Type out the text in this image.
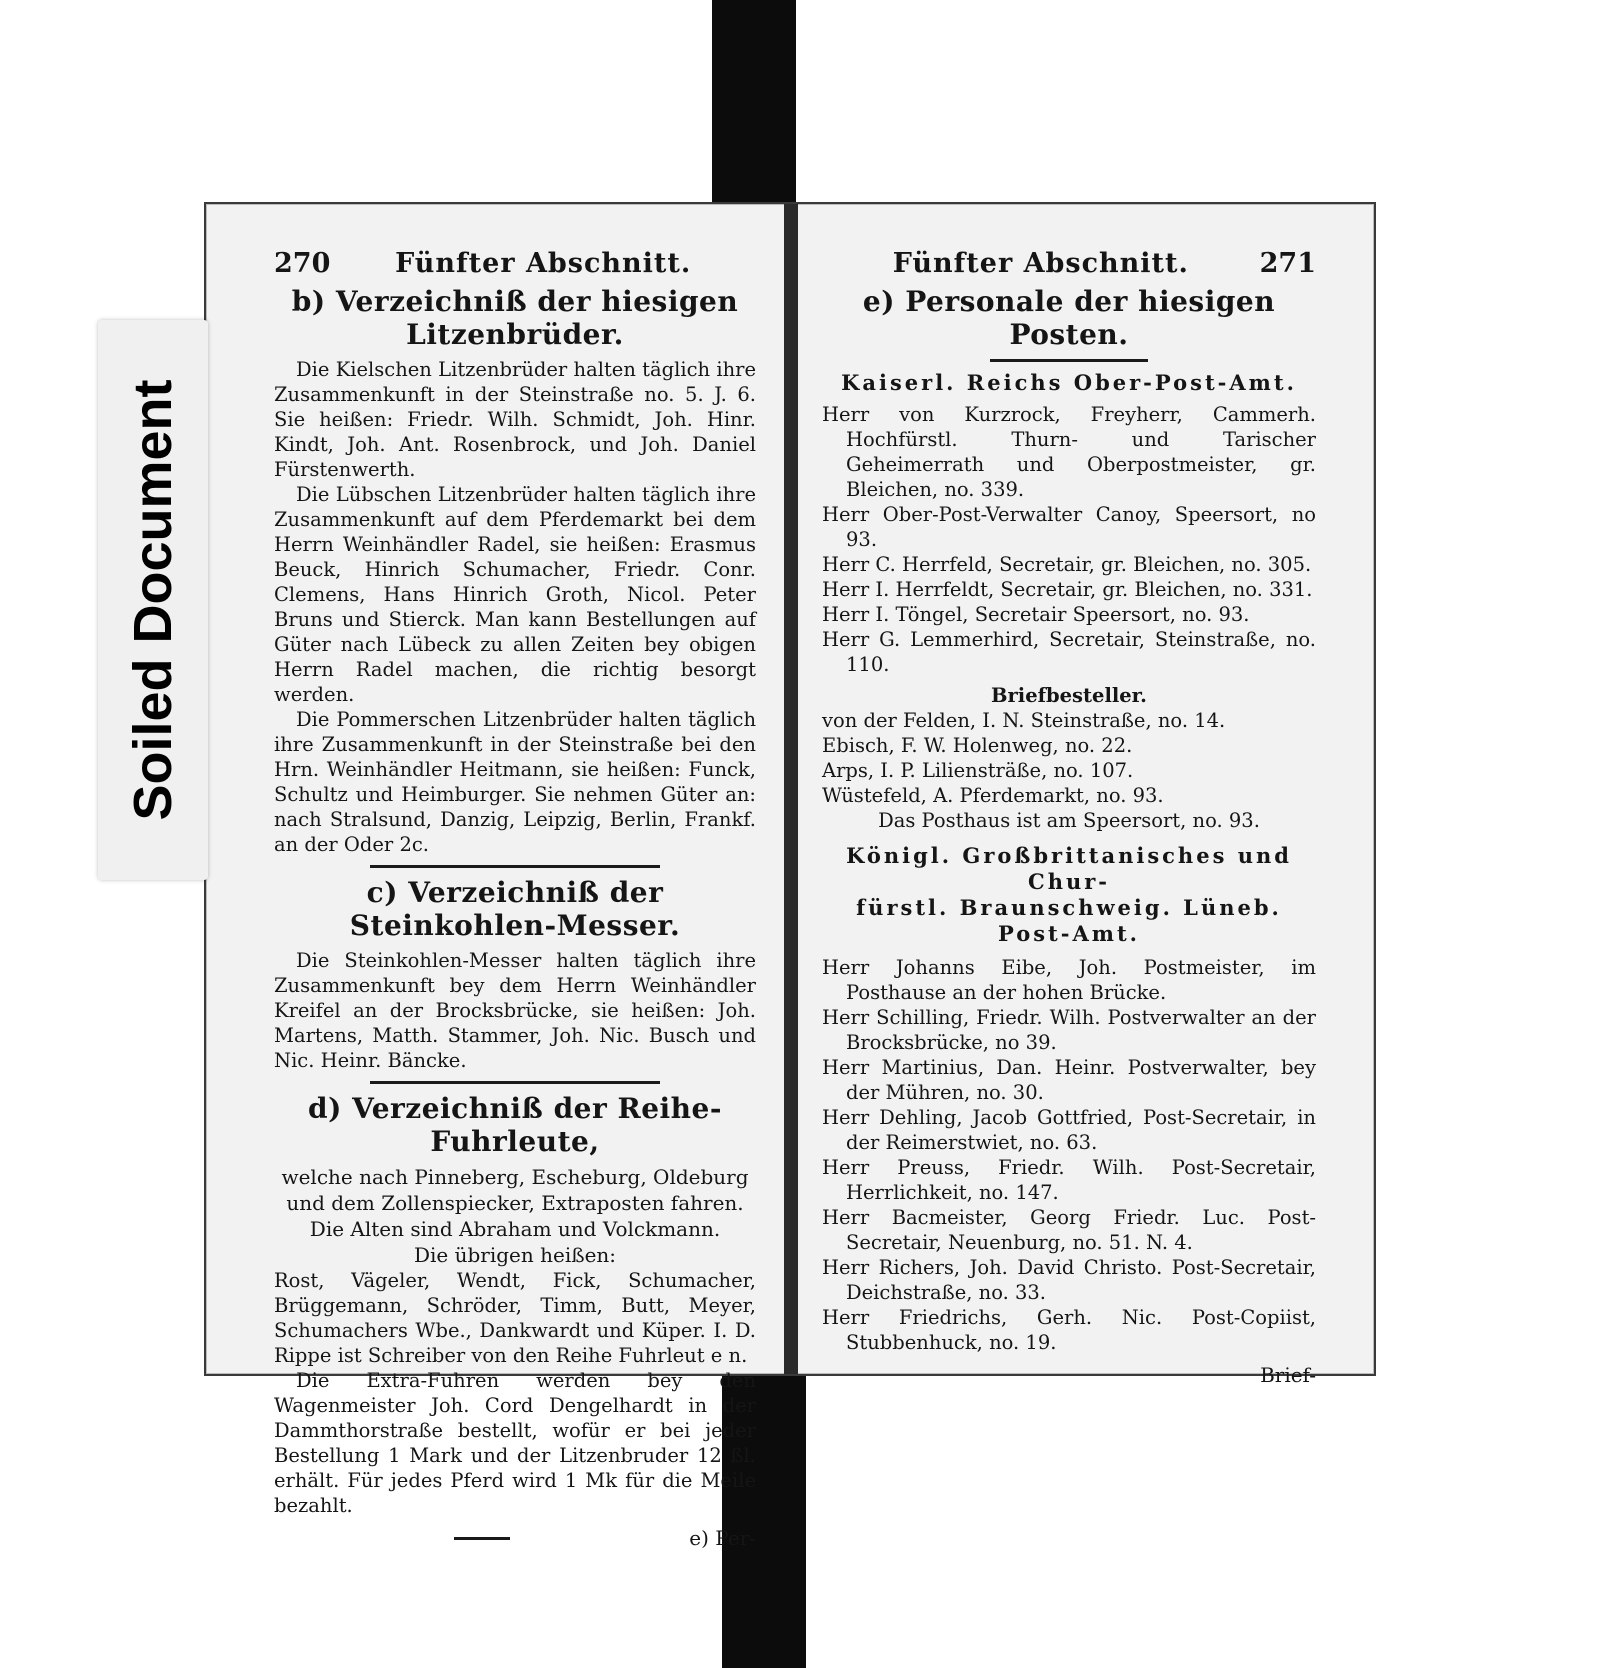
270 Fünfter Abschnitt.
b) Verzeichniß der hiesigen Litzenbrüder.

Die Kielschen Litzenbrüder halten täglich ihre Zusammenkunft in der Steinstraße no. 5. J. 6. Sie heißen: Friedr. Wilh. Schmidt, Joh. Hinr. Kindt, Joh. Ant. Rosenbrock, und Joh. Daniel Fürstenwerth.

Die Lübschen Litzenbrüder halten täglich ihre Zusammenkunft auf dem Pferdemarkt bei dem Herrn Weinhändler Radel, sie heißen: Erasmus Beuck, Hinrich Schumacher, Friedr. Conr. Clemens, Hans Hinrich Groth, Nicol. Peter Bruns und Stierck. Man kann Bestellungen auf Güter nach Lübeck zu allen Zeiten bey obigen Herrn Radel machen, die richtig besorgt werden.

Die Pommerschen Litzenbrüder halten täglich ihre Zusammenkunft in der Steinstraße bei den Hrn. Weinhändler Heitmann, sie heißen: Funck, Schultz und Heimburger. Sie nehmen Güter an: nach Stralsund, Danzig, Leipzig, Berlin, Frankf. an der Oder 2c.

c) Verzeichniß der Steinkohlen-Messer.

Die Steinkohlen-Messer halten täglich ihre Zusammenkunft bey dem Herrn Weinhändler Kreifel an der Brocksbrücke, sie heißen: Joh. Martens, Matth. Stammer, Joh. Nic. Busch und Nic. Heinr. Bäncke.

d) Verzeichniß der Reihe-Fuhrleute,

welche nach Pinneberg, Escheburg, Oldeburg

und dem Zollenspiecker, Extraposten fahren.

Die Alten sind Abraham und Volckmann.

Die übrigen heißen:

Rost, Vägeler, Wendt, Fick, Schumacher, Brüggemann, Schröder, Timm, Butt, Meyer, Schumachers Wbe., Dankwardt und Küper. I. D. Rippe ist Schreiber von den Reihe Fuhrleut e n.

Die Extra-Fuhren werden bey den Wagenmeister Joh. Cord Dengelhardt in der Dammthorstraße bestellt, wofür er bei jeder Bestellung 1 Mark und der Litzenbruder 12 ßl. erhält. Für jedes Pferd wird 1 Mk für die Meile bezahlt.

e) Per-
Fünfter Abschnitt.	271
e) Personale der hiesigen Posten.
Kaiserl. Reichs Ober-Post-Amt.
Herr von Kurzrock, Freyherr, Cammerh. Hochfürstl. Thurn- und Tarischer Geheimerrath und Oberpostmeister, gr. Bleichen, no. 339.
Herr Ober-Post-Verwalter Canoy, Speersort, no 93.
Herr C. Herrfeld, Secretair, gr. Bleichen, no. 305.
Herr I. Herrfeldt, Secretair, gr. Bleichen, no. 331.
Herr I. Töngel, Secretair Speersort, no. 93.
Herr G. Lemmerhird, Secretair, Steinstraße, no. 110.

Briefbesteller.

von der Felden, I. N. Steinstraße, no. 14.
Ebisch, F. W. Holenweg, no. 22.
Arps, I. P. Liliensträße, no. 107.
Wüstefeld, A. Pferdemarkt, no. 93.

Das Posthaus ist am Speersort, no. 93.

Königl. Großbrittanisches und Chur-
fürstl. Braunschweig. Lüneb.
Post-Amt.
Herr Johanns Eibe, Joh. Postmeister, im Posthause an der hohen Brücke.
Herr Schilling, Friedr. Wilh. Postverwalter an der Brocksbrücke, no 39.
Herr Martinius, Dan. Heinr. Postverwalter, bey der Mühren, no. 30.
Herr Dehling, Jacob Gottfried, Post-Secretair, in der Reimerstwiet, no. 63.
Herr Preuss, Friedr. Wilh. Post-Secretair, Herrlichkeit, no. 147.
Herr Bacmeister, Georg Friedr. Luc. Post-Secretair, Neuenburg, no. 51. N. 4.
Herr Richers, Joh. David Christo. Post-Secretair, Deichstraße, no. 33.
Herr Friedrichs, Gerh. Nic. Post-Copiist, Stubbenhuck, no. 19.
Brief-
Soiled Document
